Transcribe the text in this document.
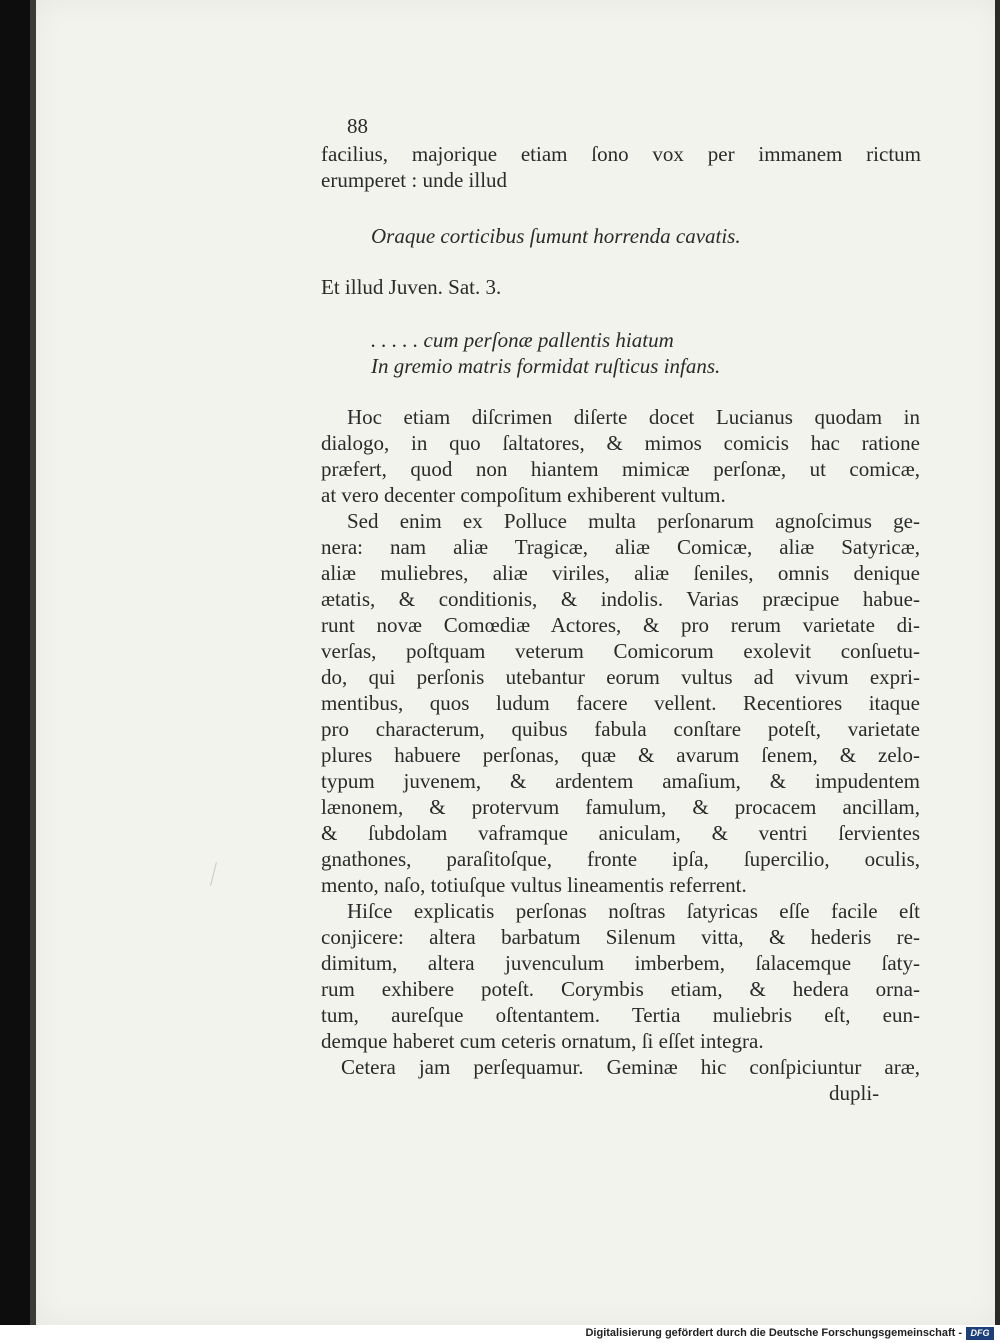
88
facilius, majorique etiam ſono vox per immanem rictum
erumperet : unde illud
Oraque corticibus ſumunt horrenda cavatis.
Et illud Juven. Sat. 3.
. . . . . cum perſonæ pallentis hiatum
In gremio matris formidat ruſticus infans.
Hoc etiam diſcrimen diſerte docet Lucianus quodam in
dialogo, in quo ſaltatores, & mimos comicis hac ratione
præfert, quod non hiantem mimicæ perſonæ, ut comicæ,
at vero decenter compoſitum exhiberent vultum.
Sed enim ex Polluce multa perſonarum agnoſcimus ge-
nera: nam aliæ Tragicæ, aliæ Comicæ, aliæ Satyricæ,
aliæ muliebres, aliæ viriles, aliæ ſeniles, omnis denique
ætatis, & conditionis, & indolis. Varias præcipue habue-
runt novæ Comœdiæ Actores, & pro rerum varietate di-
verſas, poſtquam veterum Comicorum exolevit conſuetu-
do, qui perſonis utebantur eorum vultus ad vivum expri-
mentibus, quos ludum facere vellent. Recentiores itaque
pro characterum, quibus fabula conſtare poteſt, varietate
plures habuere perſonas, quæ & avarum ſenem, & zelo-
typum juvenem, & ardentem amaſium, & impudentem
lænonem, & protervum famulum, & procacem ancillam,
& ſubdolam vaframque aniculam, & ventri ſervientes
gnathones, paraſitoſque, fronte ipſa, ſupercilio, oculis,
mento, naſo, totiuſque vultus lineamentis referrent.
Hiſce explicatis perſonas noſtras ſatyricas eſſe facile eſt
conjicere: altera barbatum Silenum vitta, & hederis re-
dimitum, altera juvenculum imberbem, ſalacemque ſaty-
rum exhibere poteſt. Corymbis etiam, & hedera orna-
tum, aureſque oſtentantem. Tertia muliebris eſt, eun-
demque haberet cum ceteris ornatum, ſi eſſet integra.
Cetera jam perſequamur. Geminæ hic conſpiciuntur aræ,
dupli-
Digitalisierung gefördert durch die Deutsche Forschungsgemeinschaft - DFG
